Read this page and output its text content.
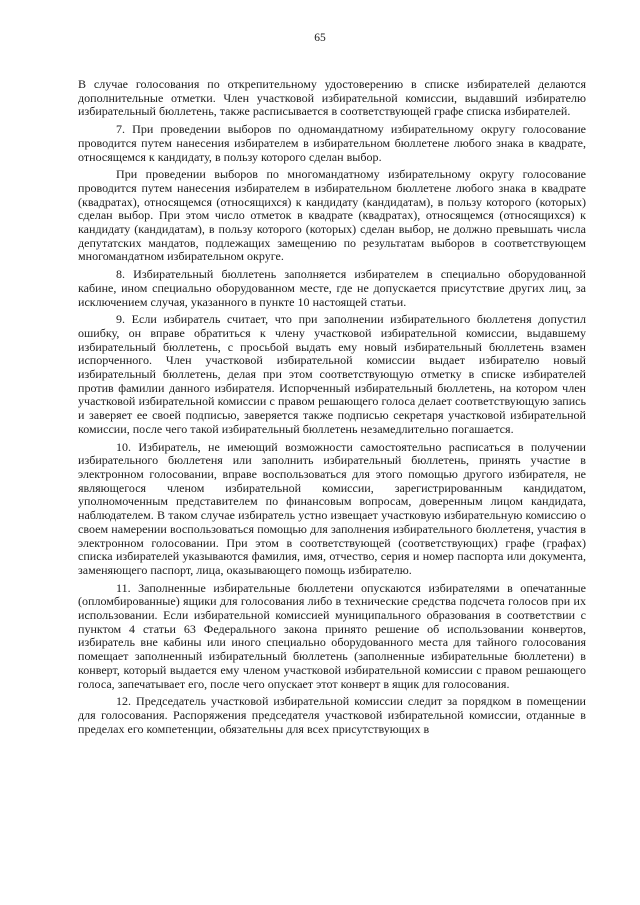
65

В случае голосования по открепительному удостоверению в списке избирателей делаются дополнительные отметки. Член участковой избирательной комиссии, выдавший избирателю избирательный бюллетень, также расписывается в соответствующей графе списка избирателей.

7. При проведении выборов по одномандатному избирательному округу голосование проводится путем нанесения избирателем в избирательном бюллетене любого знака в квадрате, относящемся к кандидату, в пользу которого сделан выбор.

При проведении выборов по многомандатному избирательному округу голосование проводится путем нанесения избирателем в избирательном бюллетене любого знака в квадрате (квадратах), относящемся (относящихся) к кандидату (кандидатам), в пользу которого (которых) сделан выбор. При этом число отметок в квадрате (квадратах), относящемся (относящихся) к кандидату (кандидатам), в пользу которого (которых) сделан выбор, не должно превышать числа депутатских мандатов, подлежащих замещению по результатам выборов в соответствующем многомандатном избирательном округе.

8. Избирательный бюллетень заполняется избирателем в специально оборудованной кабине, ином специально оборудованном месте, где не допускается присутствие других лиц, за исключением случая, указанного в пункте 10 настоящей статьи.

9. Если избиратель считает, что при заполнении избирательного бюллетеня допустил ошибку, он вправе обратиться к члену участковой избирательной комиссии, выдавшему избирательный бюллетень, с просьбой выдать ему новый избирательный бюллетень взамен испорченного. Член участковой избирательной комиссии выдает избирателю новый избирательный бюллетень, делая при этом соответствующую отметку в списке избирателей против фамилии данного избирателя. Испорченный избирательный бюллетень, на котором член участковой избирательной комиссии с правом решающего голоса делает соответствующую запись и заверяет ее своей подписью, заверяется также подписью секретаря участковой избирательной комиссии, после чего такой избирательный бюллетень незамедлительно погашается.

10. Избиратель, не имеющий возможности самостоятельно расписаться в получении избирательного бюллетеня или заполнить избирательный бюллетень, принять участие в электронном голосовании, вправе воспользоваться для этого помощью другого избирателя, не являющегося членом избирательной комиссии, зарегистрированным кандидатом, уполномоченным представителем по финансовым вопросам, доверенным лицом кандидата, наблюдателем. В таком случае избиратель устно извещает участковую избирательную комиссию о своем намерении воспользоваться помощью для заполнения избирательного бюллетеня, участия в электронном голосовании. При этом в соответствующей (соответствующих) графе (графах) списка избирателей указываются фамилия, имя, отчество, серия и номер паспорта или документа, заменяющего паспорт, лица, оказывающего помощь избирателю.

11. Заполненные избирательные бюллетени опускаются избирателями в опечатанные (опломбированные) ящики для голосования либо в технические средства подсчета голосов при их использовании. Если избирательной комиссией муниципального образования в соответствии с пунктом 4 статьи 63 Федерального закона принято решение об использовании конвертов, избиратель вне кабины или иного специально оборудованного места для тайного голосования помещает заполненный избирательный бюллетень (заполненные избирательные бюллетени) в конверт, который выдается ему членом участковой избирательной комиссии с правом решающего голоса, запечатывает его, после чего опускает этот конверт в ящик для голосования.

12. Председатель участковой избирательной комиссии следит за порядком в помещении для голосования. Распоряжения председателя участковой избирательной комиссии, отданные в пределах его компетенции, обязательны для всех присутствующих в
